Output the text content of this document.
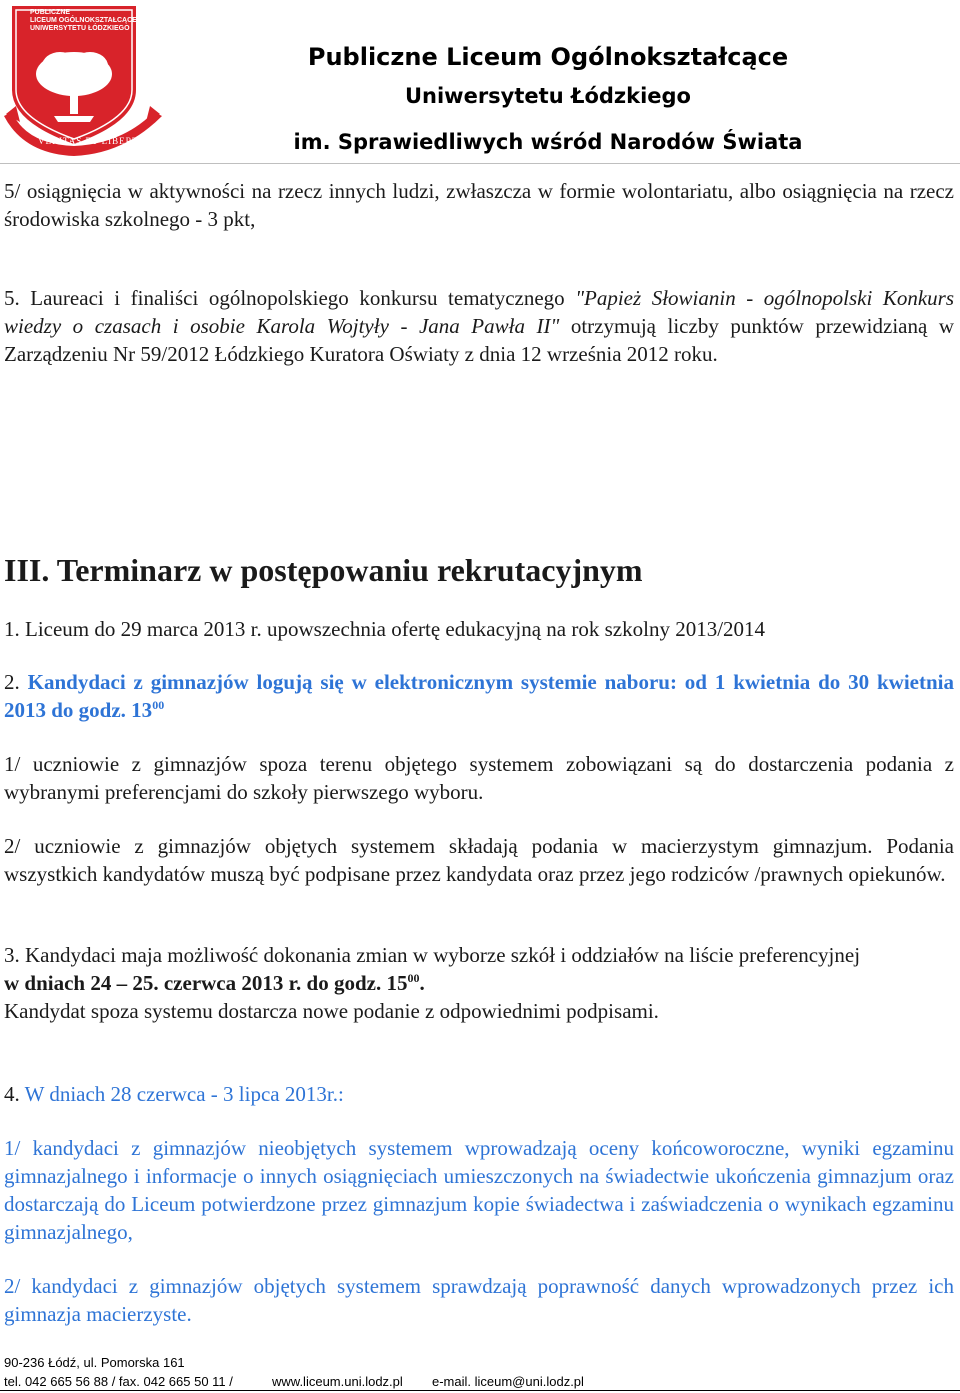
PUBLICZNE
LICEUM OGÓLNOKSZTAŁCĄCE
UNIWERSYTETU ŁÓDZKIEGO
VERITAS ET LIBERTAS
Publiczne Liceum Ogólnokształcące
Uniwersytetu Łódzkiego
im. Sprawiedliwych wśród Narodów Świata
5/ osiągnięcia w aktywności na rzecz innych ludzi, zwłaszcza w formie wolontariatu, albo osiągnięcia na rzecz środowiska szkolnego - 3 pkt,
5. Laureaci i finaliści ogólnopolskiego konkursu tematycznego "Papież Słowianin - ogólnopolski Konkurs wiedzy o czasach i osobie Karola Wojtyły - Jana Pawła II" otrzymują liczby punktów przewidzianą w Zarządzeniu Nr 59/2012 Łódzkiego Kuratora Oświaty z dnia 12 września 2012 roku.
III. Terminarz w postępowaniu rekrutacyjnym
1. Liceum do 29 marca 2013 r. upowszechnia ofertę edukacyjną na rok szkolny 2013/2014
2. Kandydaci z gimnazjów logują się w elektronicznym systemie naboru: od 1 kwietnia do 30 kwietnia 2013 do godz. $13^{00}$
1/ uczniowie z gimnazjów spoza terenu objętego systemem zobowiązani są do dostarczenia podania z wybranymi preferencjami do szkoły pierwszego wyboru.
2/ uczniowie z gimnazjów objętych systemem składają podania w macierzystym gimnazjum. Podania wszystkich kandydatów muszą być podpisane przez kandydata oraz przez jego rodziców /prawnych opiekunów.
3. Kandydaci maja możliwość dokonania zmian w wyborze szkół i oddziałów na liście preferencyjnej
w dniach 24 – 25. czerwca 2013 r. do godz. $15^{00}$.
Kandydat spoza systemu dostarcza nowe podanie z odpowiednimi podpisami.
4. W dniach 28 czerwca - 3 lipca 2013r.:
1/ kandydaci z gimnazjów nieobjętych systemem wprowadzają oceny końcoworoczne, wyniki egzaminu gimnazjalnego i informacje o innych osiągnięciach umieszczonych na świadectwie ukończenia gimnazjum oraz dostarczają do Liceum potwierdzone przez gimnazjum kopie świadectwa i zaświadczenia o wynikach egzaminu gimnazjalnego,
2/ kandydaci z gimnazjów objętych systemem sprawdzają poprawność danych wprowadzonych przez ich gimnazja macierzyste.
90-236 Łódź, ul. Pomorska 161
tel. 042 665 56 88 / fax. 042 665 50 11 /	www.liceum.uni.lodz.pl e-mail. liceum@uni.lodz.pl
